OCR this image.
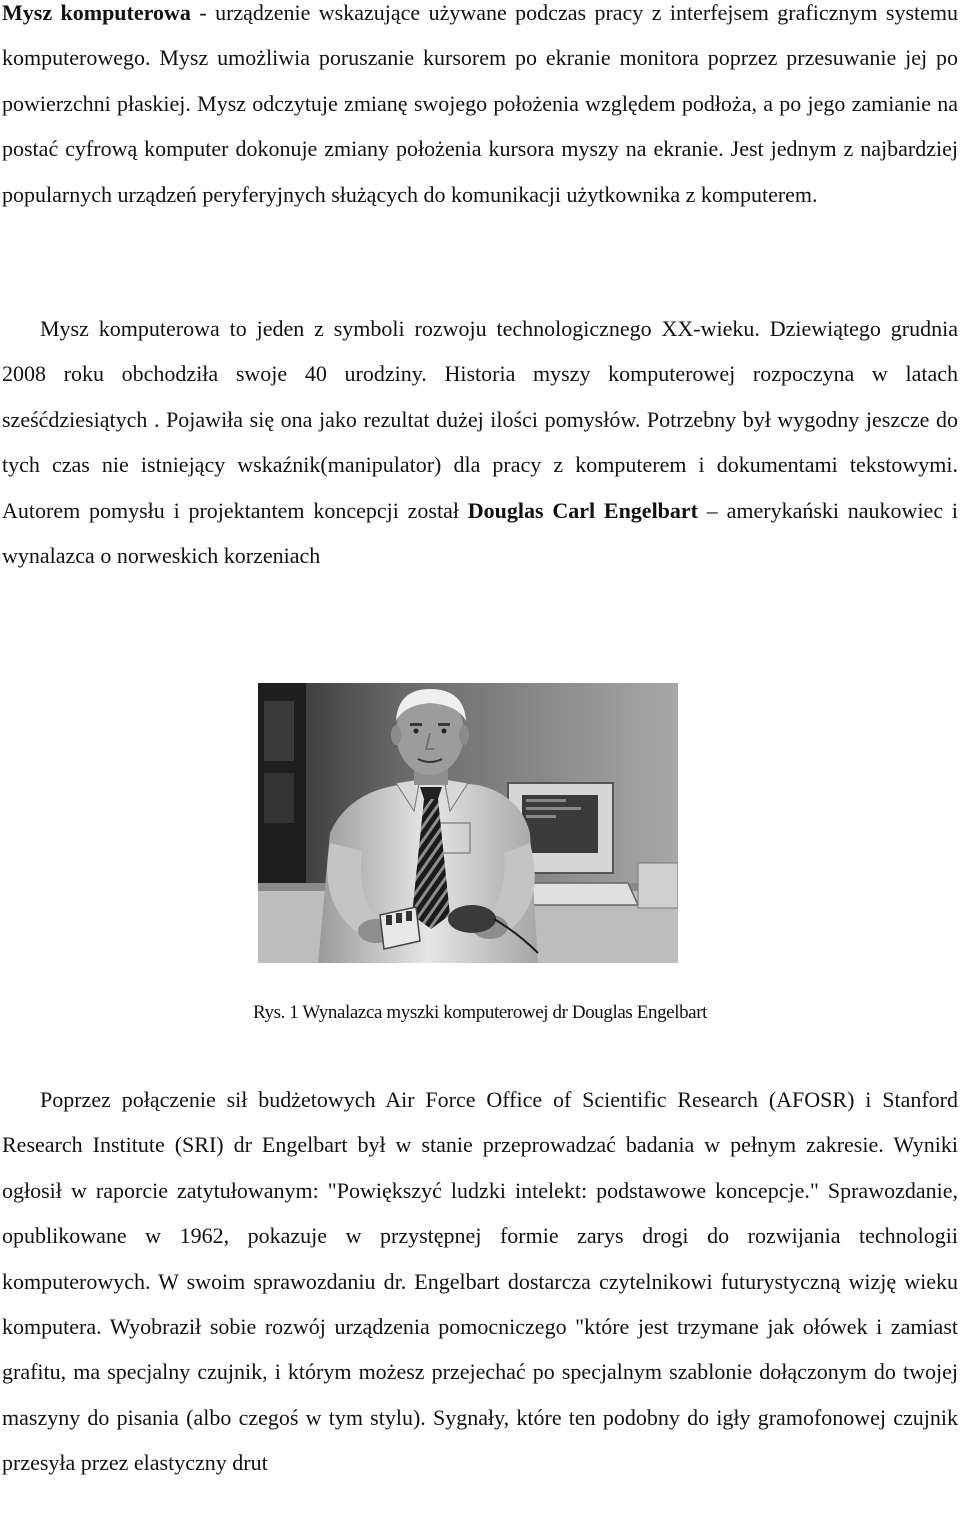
Mysz komputerowa - urządzenie wskazujące używane podczas pracy z interfejsem graficznym systemu komputerowego. Mysz umożliwia poruszanie kursorem po ekranie monitora poprzez przesuwanie jej po powierzchni płaskiej. Mysz odczytuje zmianę swojego położenia względem podłoża, a po jego zamianie na postać cyfrową komputer dokonuje zmiany położenia kursora myszy na ekranie. Jest jednym z najbardziej popularnych urządzeń peryferyjnych służących do komunikacji użytkownika z komputerem.

Mysz komputerowa to jeden z symboli rozwoju technologicznego XX-wieku. Dziewiątego grudnia 2008 roku obchodziła swoje 40 urodziny. Historia myszy komputerowej rozpoczyna w latach sześćdziesiątych . Pojawiła się ona jako rezultat dużej ilości pomysłów. Potrzebny był wygodny jeszcze do tych czas nie istniejący wskaźnik(manipulator) dla pracy z komputerem i dokumentami tekstowymi. Autorem pomysłu i projektantem koncepcji został Douglas Carl Engelbart – amerykański naukowiec i wynalazca o norweskich korzeniach

Rys. 1 Wynalazca myszki komputerowej dr Douglas Engelbart

Poprzez połączenie sił budżetowych Air Force Office of Scientific Research (AFOSR) i Stanford Research Institute (SRI) dr Engelbart był w stanie przeprowadzać badania w pełnym zakresie. Wyniki ogłosił w raporcie zatytułowanym: "Powiększyć ludzki intelekt: podstawowe koncepcje." Sprawozdanie, opublikowane w 1962, pokazuje w przystępnej formie zarys drogi do rozwijania technologii komputerowych. W swoim sprawozdaniu dr. Engelbart dostarcza czytelnikowi futurystyczną wizję wieku komputera. Wyobraził sobie rozwój urządzenia pomocniczego "które jest trzymane jak ołówek i zamiast grafitu, ma specjalny czujnik, i którym możesz przejechać po specjalnym szablonie dołączonym do twojej maszyny do pisania (albo czegoś w tym stylu). Sygnały, które ten podobny do igły gramofonowej czujnik przesyła przez elastyczny drut
